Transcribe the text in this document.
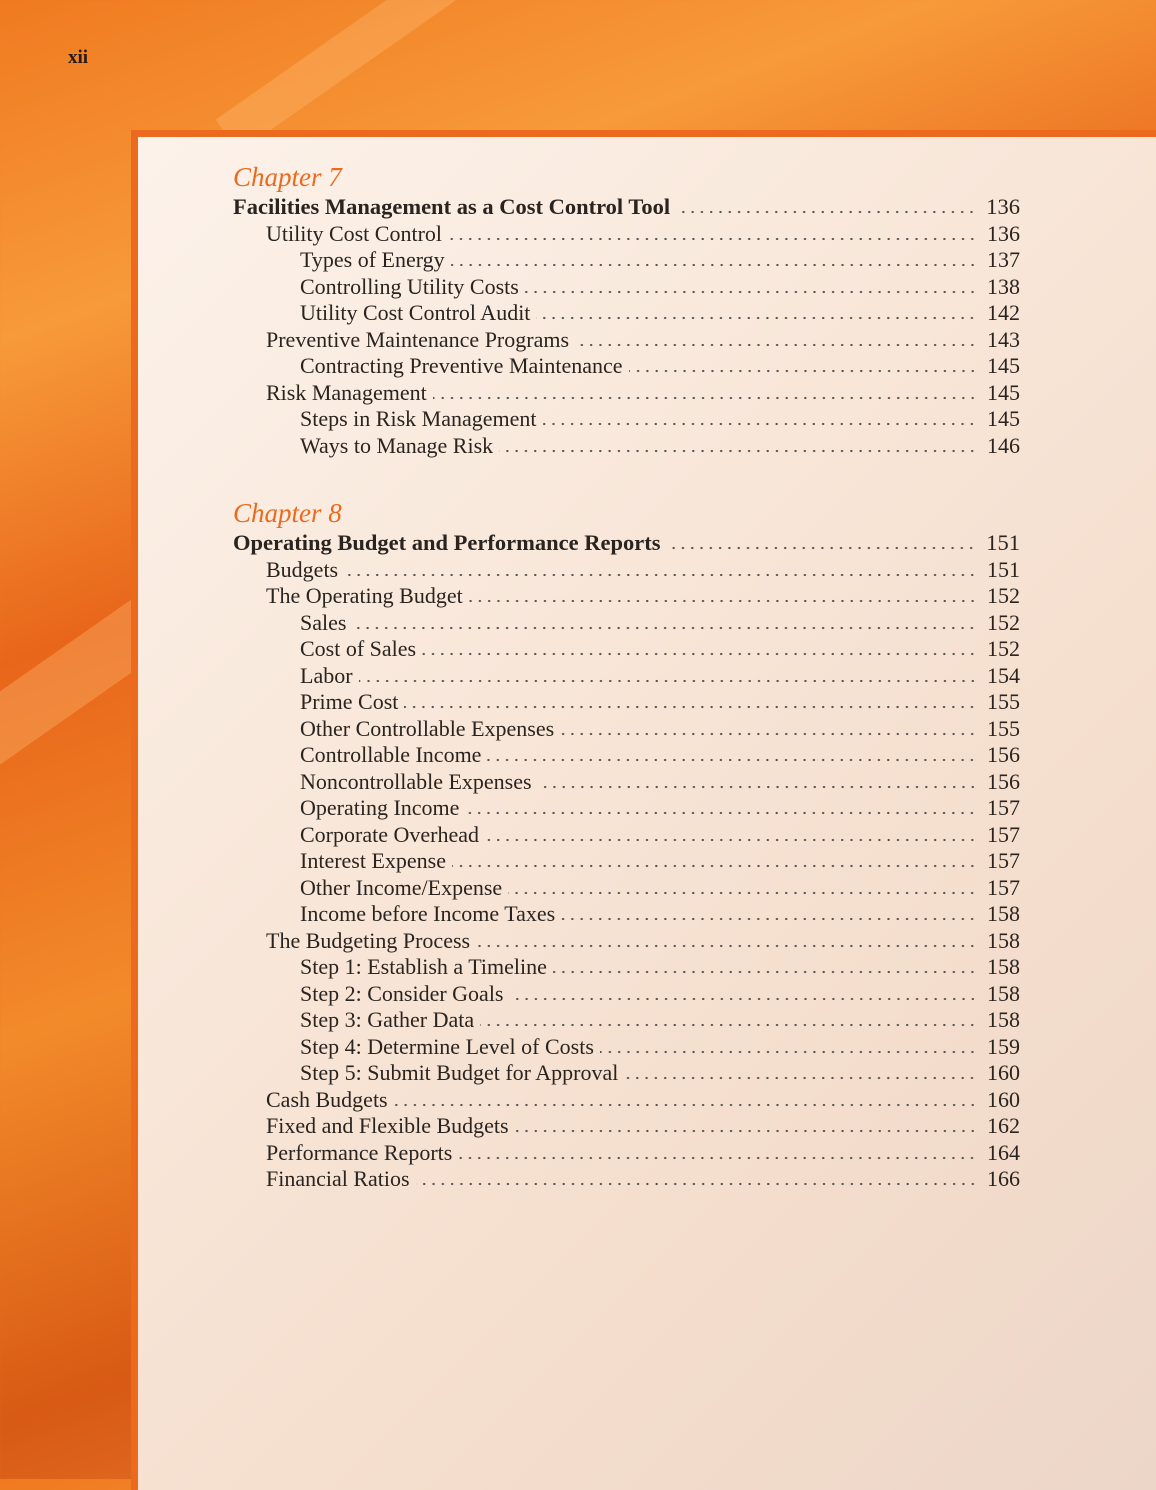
xii
Chapter 7
Facilities Management as a Cost Control Tool	136
Utility Cost Control	136
Types of Energy	137
Controlling Utility Costs	138
Utility Cost Control Audit	142
Preventive Maintenance Programs	143
Contracting Preventive Maintenance	145
Risk Management	145
Steps in Risk Management	145
Ways to Manage Risk	146
Chapter 8
Operating Budget and Performance Reports	151
Budgets	151
The Operating Budget	152
Sales	152
Cost of Sales	152
Labor	154
Prime Cost	155
Other Controllable Expenses	155
Controllable Income	156
Noncontrollable Expenses	156
Operating Income	157
Corporate Overhead	157
Interest Expense	157
Other Income/Expense	157
Income before Income Taxes	158
The Budgeting Process	158
Step 1: Establish a Timeline	158
Step 2: Consider Goals	158
Step 3: Gather Data	158
Step 4: Determine Level of Costs	159
Step 5: Submit Budget for Approval	160
Cash Budgets	160
Fixed and Flexible Budgets	162
Performance Reports	164
Financial Ratios	166
